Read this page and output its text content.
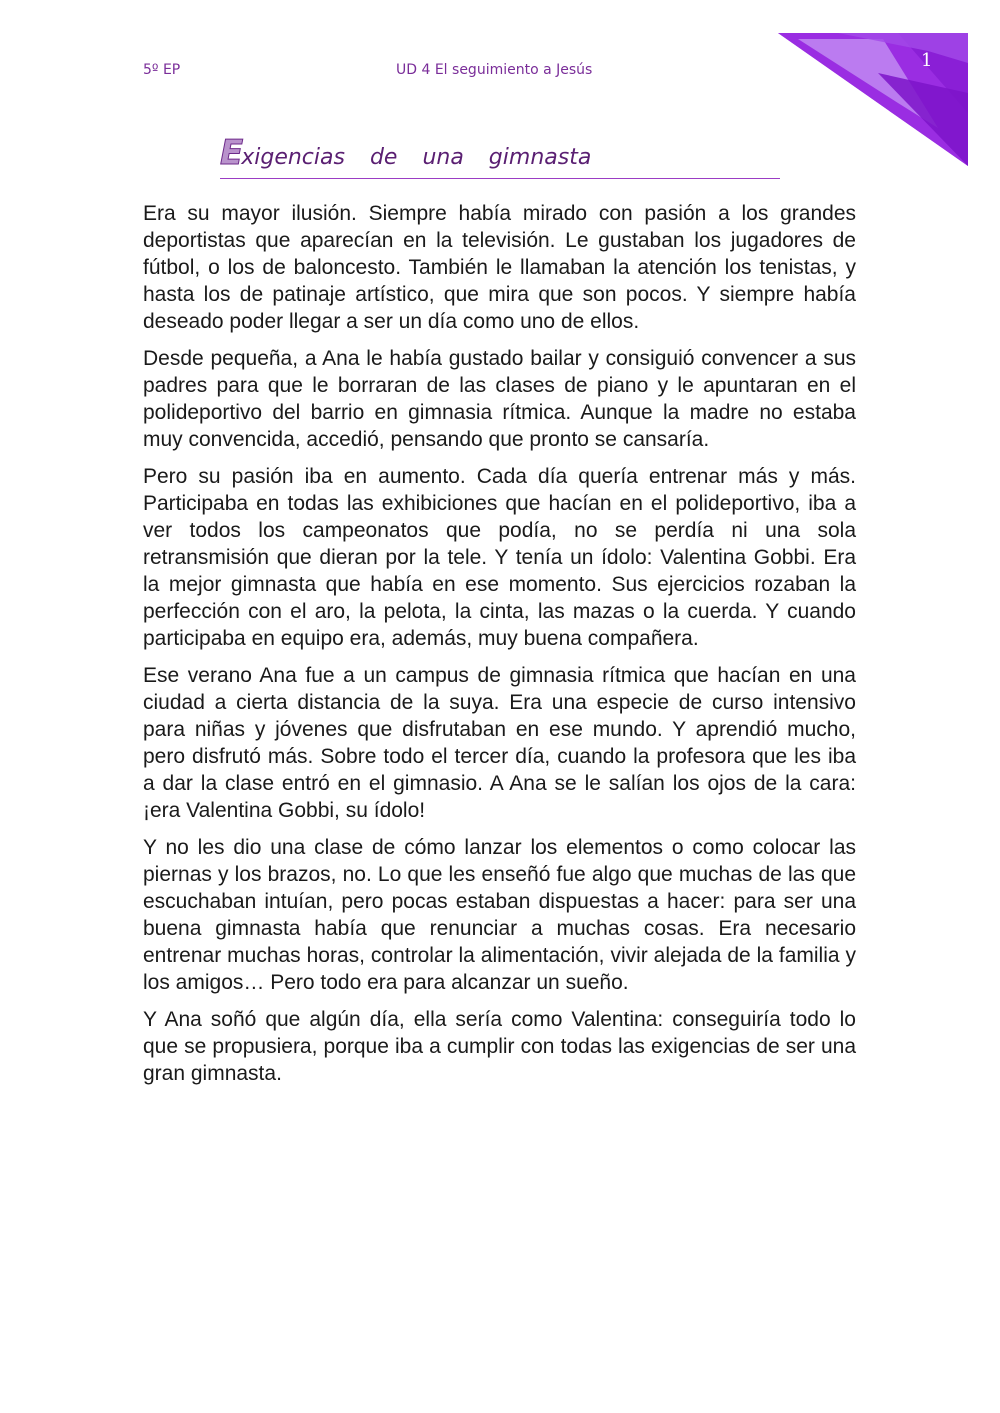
5º EP	UD 4 El seguimiento a Jesús	1
Exigencias de una gimnasta

Era su mayor ilusión. Siempre había mirado con pasión a los grandes deportistas que aparecían en la televisión. Le gustaban los jugadores de fútbol, o los de baloncesto. También le llamaban la atención los tenistas, y hasta los de patinaje artístico, que mira que son pocos. Y siempre había deseado poder llegar a ser un día como uno de ellos.

Desde pequeña, a Ana le había gustado bailar y consiguió convencer a sus padres para que le borraran de las clases de piano y le apuntaran en el polideportivo del barrio en gimnasia rítmica. Aunque la madre no estaba muy convencida, accedió, pensando que pronto se cansaría.

Pero su pasión iba en aumento. Cada día quería entrenar más y más. Participaba en todas las exhibiciones que hacían en el polideportivo, iba a ver todos los campeonatos que podía, no se perdía ni una sola retransmisión que dieran por la tele. Y tenía un ídolo: Valentina Gobbi. Era la mejor gimnasta que había en ese momento. Sus ejercicios rozaban la perfección con el aro, la pelota, la cinta, las mazas o la cuerda. Y cuando participaba en equipo era, además, muy buena compañera.

Ese verano Ana fue a un campus de gimnasia rítmica que hacían en una ciudad a cierta distancia de la suya. Era una especie de curso intensivo para niñas y jóvenes que disfrutaban en ese mundo. Y aprendió mucho, pero disfrutó más. Sobre todo el tercer día, cuando la profesora que les iba a dar la clase entró en el gimnasio. A Ana se le salían los ojos de la cara: ¡era Valentina Gobbi, su ídolo!

Y no les dio una clase de cómo lanzar los elementos o como colocar las piernas y los brazos, no. Lo que les enseñó fue algo que muchas de las que escuchaban intuían, pero pocas estaban dispuestas a hacer: para ser una buena gimnasta había que renunciar a muchas cosas. Era necesario entrenar muchas horas, controlar la alimentación, vivir alejada de la familia y los amigos… Pero todo era para alcanzar un sueño.

Y Ana soñó que algún día, ella sería como Valentina: conseguiría todo lo que se propusiera, porque iba a cumplir con todas las exigencias de ser una gran gimnasta.
